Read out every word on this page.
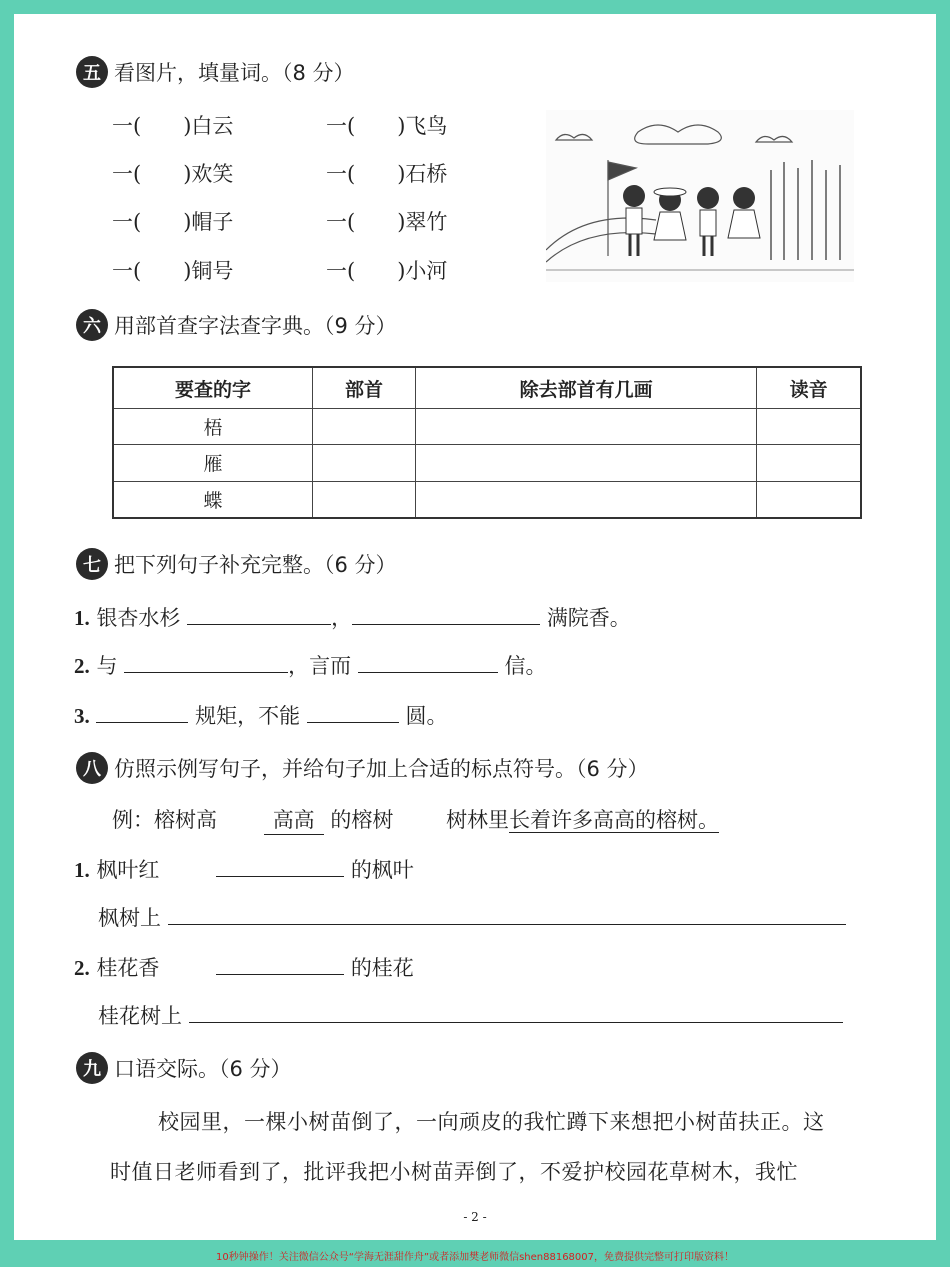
五 看图片，填量词。（8 分）
一(　　)白云
一(　　)欢笑
一(　　)帽子
一(　　)铜号
一(　　)飞鸟
一(　　)石桥
一(　　)翠竹
一(　　)小河
六 用部首查字法查字典。（9 分）
要查的字	部首	除去部首有几画	读音
梧			
雁			
蝶			
七 把下列句子补充完整。（6 分）
1. 银杏水杉	，	满院香。
2. 与	，言而	信。
3.	规矩，不能	圆。
八 仿照示例写句子，并给句子加上合适的标点符号。（6 分）
例：榕树高	高高 的榕树	树林里长着许多高高的榕树。
1. 枫叶红	的枫叶
枫树上
2. 桂花香	的桂花
桂花树上
九 口语交际。（6 分）
校园里，一棵小树苗倒了，一向顽皮的我忙蹲下来想把小树苗扶正。这
时值日老师看到了，批评我把小树苗弄倒了，不爱护校园花草树木，我忙
- 2 -
10秒钟操作！关注微信公众号“学海无涯甜作舟”或者添加樊老师微信shen88168007，免费提供完整可打印版资料！
